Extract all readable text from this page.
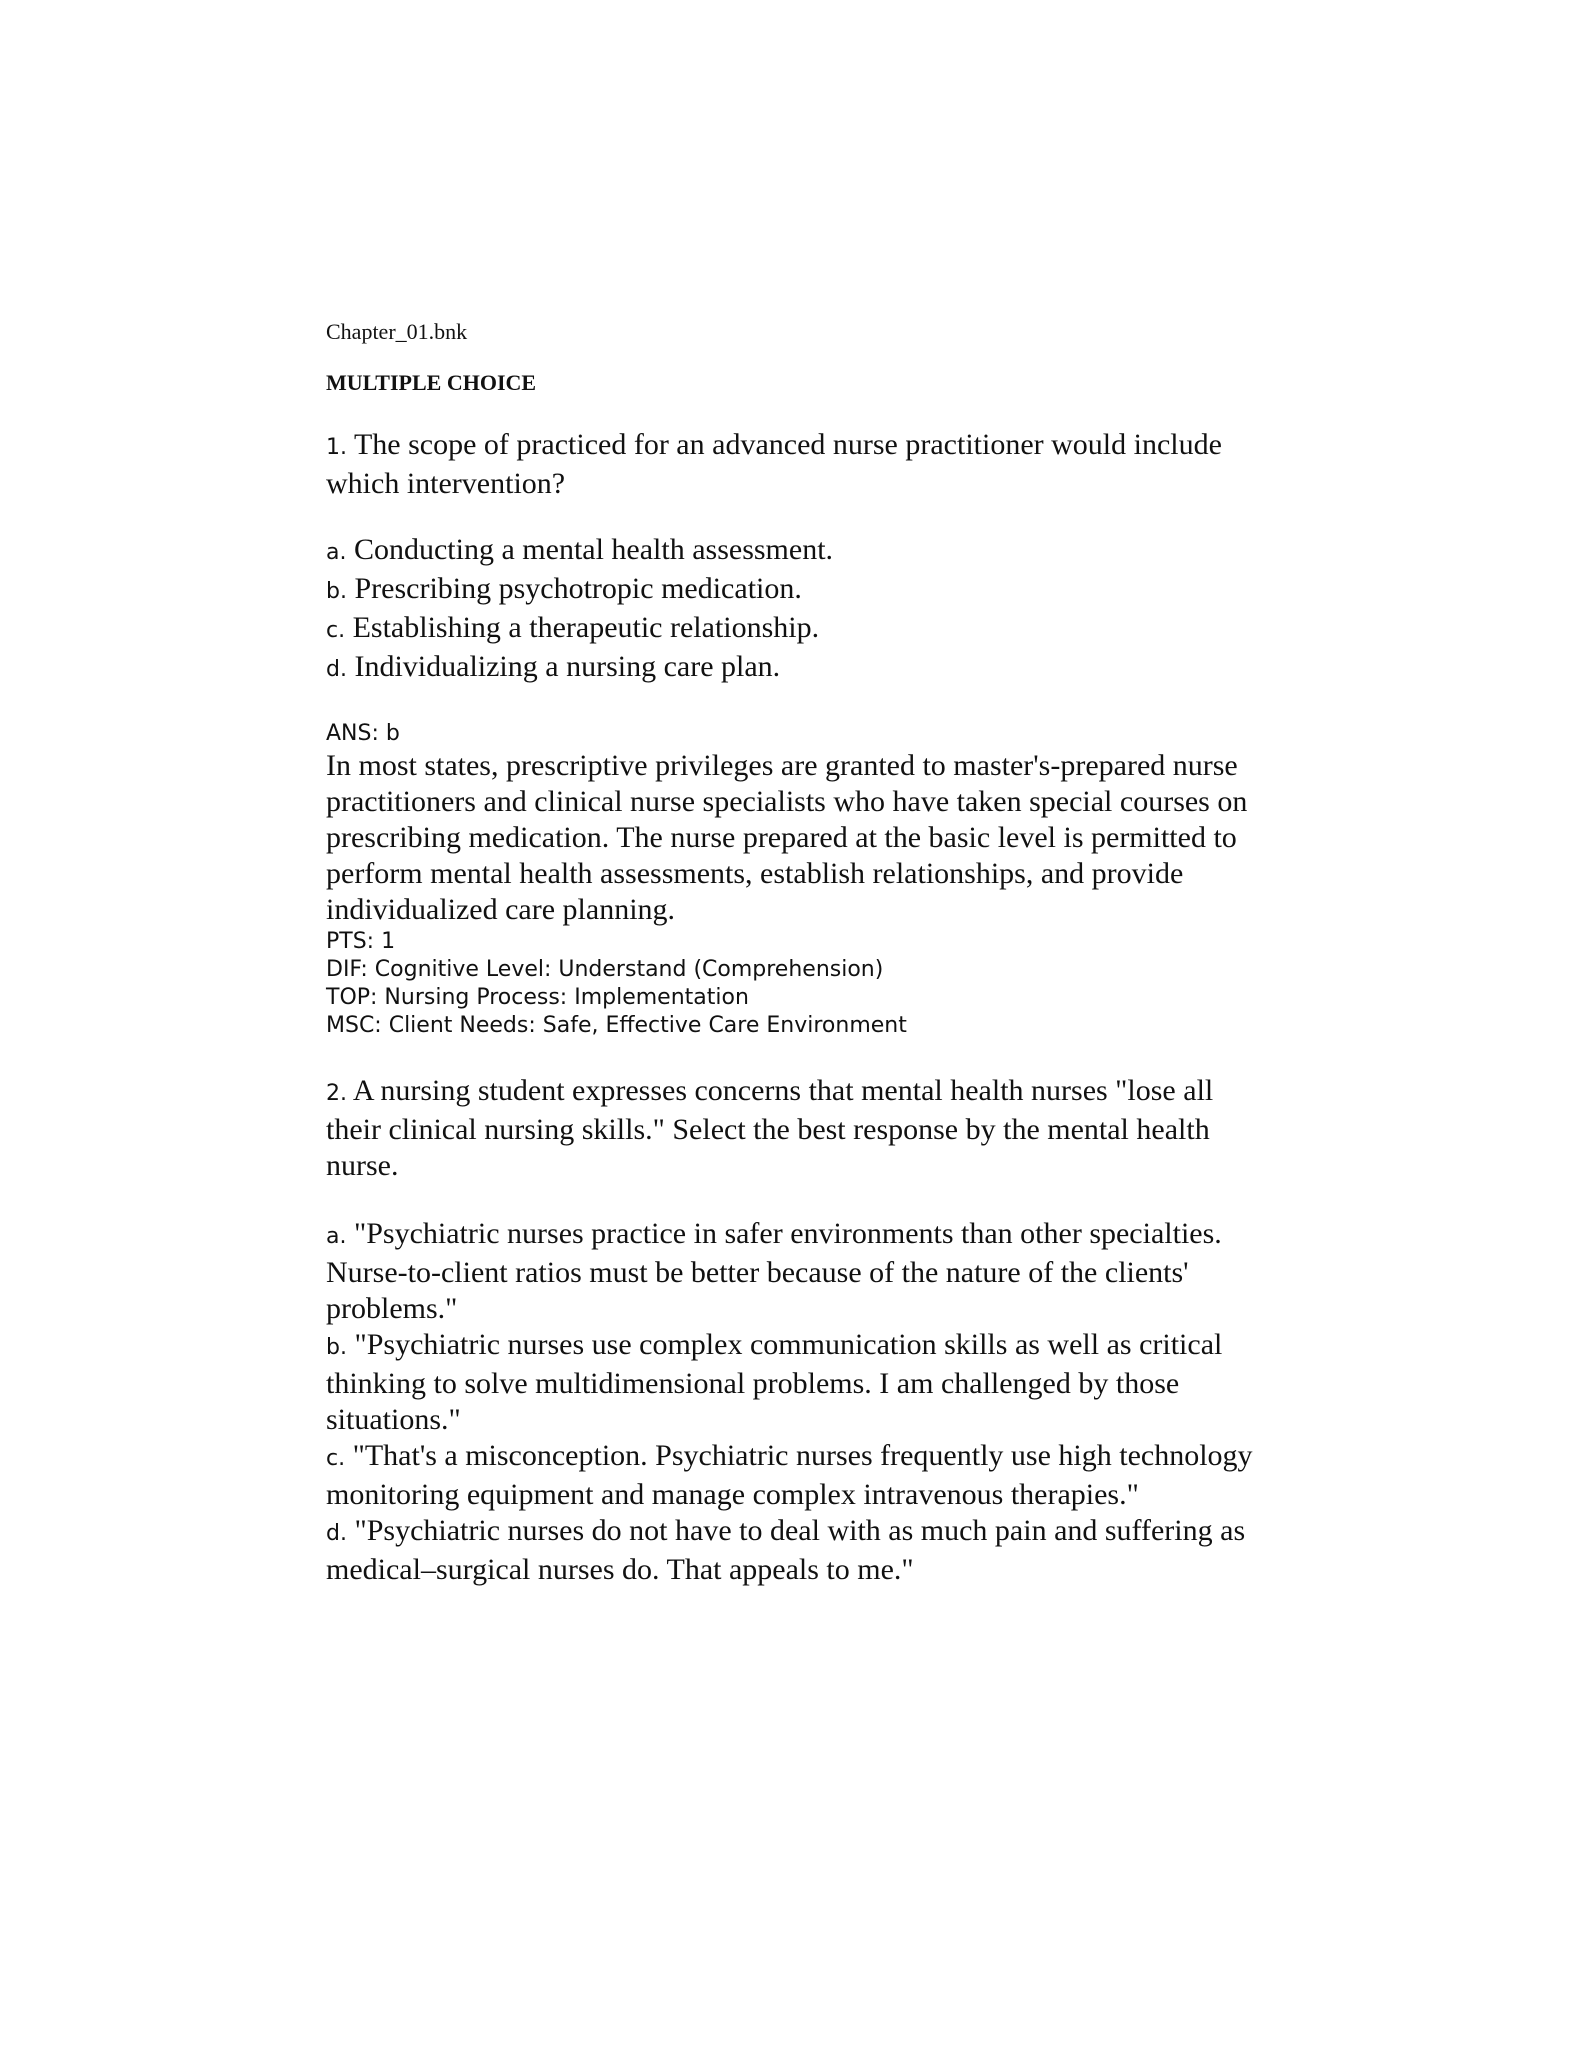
Chapter_01.bnk

MULTIPLE CHOICE

1. The scope of practiced for an advanced nurse practitioner would include which intervention?

a. Conducting a mental health assessment.
b. Prescribing psychotropic medication.
c. Establishing a therapeutic relationship.
d. Individualizing a nursing care plan.

ANS: b

In most states, prescriptive privileges are granted to master's-prepared nurse practitioners and clinical nurse specialists who have taken special courses on prescribing medication. The nurse prepared at the basic level is permitted to perform mental health assessments, establish relationships, and provide individualized care planning.

PTS: 1

DIF: Cognitive Level: Understand (Comprehension)

TOP: Nursing Process: Implementation

MSC: Client Needs: Safe, Effective Care Environment

2. A nursing student expresses concerns that mental health nurses "lose all their clinical nursing skills." Select the best response by the mental health nurse.

a. "Psychiatric nurses practice in safer environments than other specialties. Nurse-to-client ratios must be better because of the nature of the clients' problems."
b. "Psychiatric nurses use complex communication skills as well as critical thinking to solve multidimensional problems. I am challenged by those situations."
c. "That's a misconception. Psychiatric nurses frequently use high technology monitoring equipment and manage complex intravenous therapies."
d. "Psychiatric nurses do not have to deal with as much pain and suffering as medical–surgical nurses do. That appeals to me."
